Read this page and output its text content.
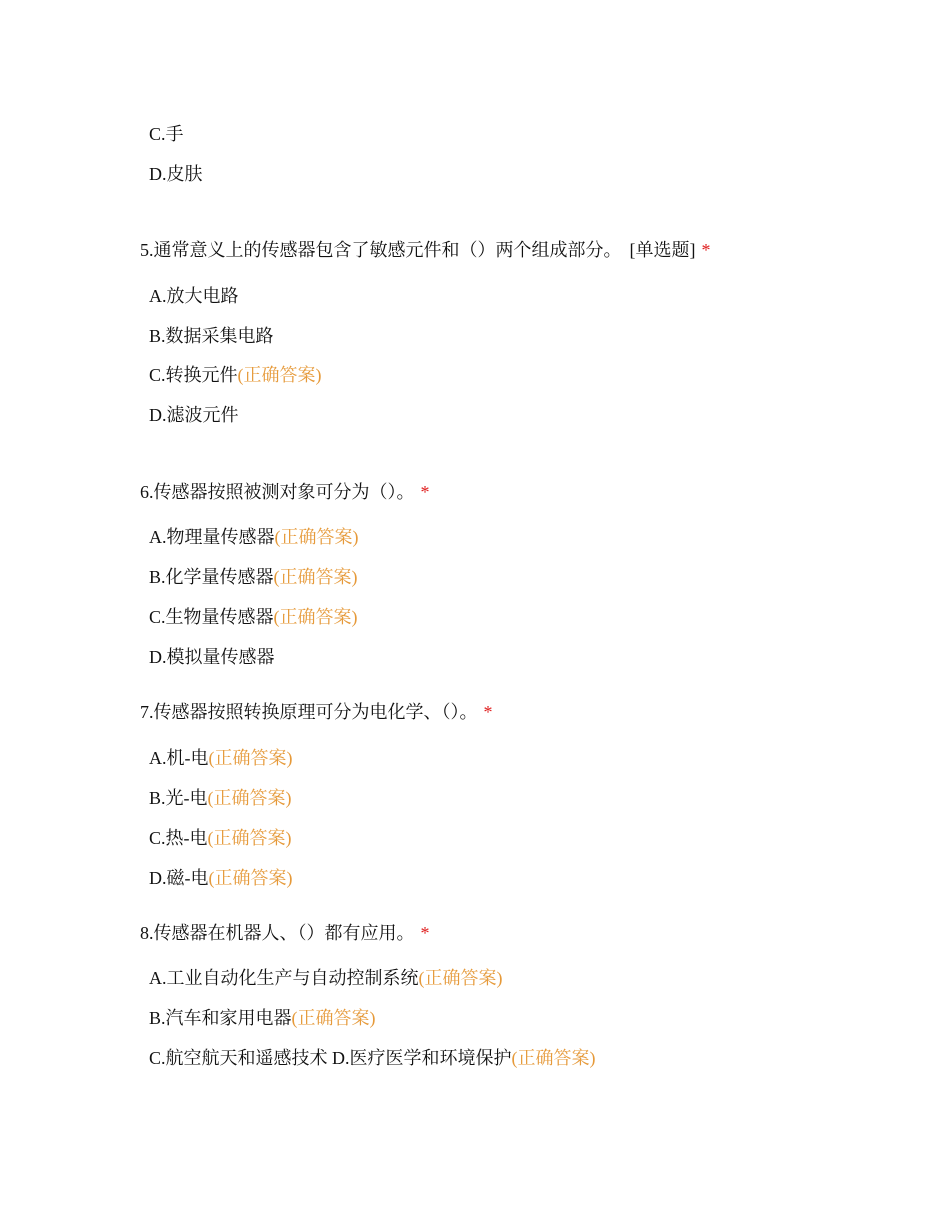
C.手
D.皮肤
5.通常意义上的传感器包含了敏感元件和（）两个组成部分。 [单选题] *
A.放大电路
B.数据采集电路
C.转换元件(正确答案)
D.滤波元件
6.传感器按照被测对象可分为（）。 *
A.物理量传感器(正确答案)
B.化学量传感器(正确答案)
C.生物量传感器(正确答案)
D.模拟量传感器
7.传感器按照转换原理可分为电化学、（）。 *
A.机-电(正确答案)
B.光-电(正确答案)
C.热-电(正确答案)
D.磁-电(正确答案)
8.传感器在机器人、（）都有应用。 *
A.工业自动化生产与自动控制系统(正确答案)
B.汽车和家用电器(正确答案)
C.航空航天和遥感技术 D.医疗医学和环境保护(正确答案)
